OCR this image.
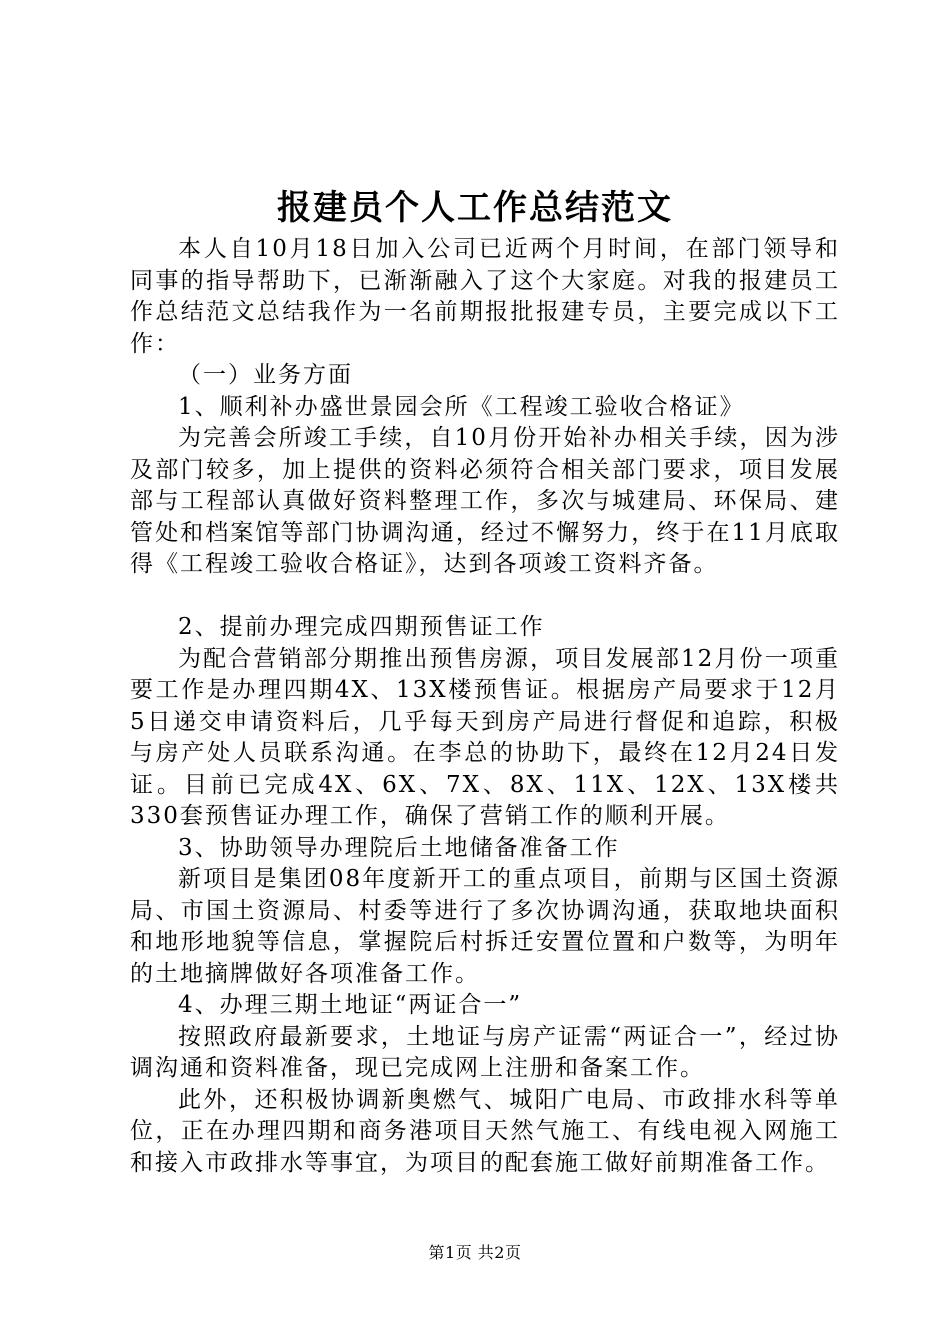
报建员个人工作总结范文

本人自10月18日加入公司已近两个月时间，在部门领导和同事的指导帮助下，已渐渐融入了这个大家庭。对我的报建员工作总结范文总结我作为一名前期报批报建专员，主要完成以下工作：

（一）业务方面

1、顺利补办盛世景园会所《工程竣工验收合格证》

为完善会所竣工手续，自10月份开始补办相关手续，因为涉及部门较多，加上提供的资料必须符合相关部门要求，项目发展部与工程部认真做好资料整理工作，多次与城建局、环保局、建管处和档案馆等部门协调沟通，经过不懈努力，终于在11月底取得《工程竣工验收合格证》，达到各项竣工资料齐备。

2、提前办理完成四期预售证工作

为配合营销部分期推出预售房源，项目发展部12月份一项重要工作是办理四期4X、13X楼预售证。根据房产局要求于12月5日递交申请资料后，几乎每天到房产局进行督促和追踪，积极与房产处人员联系沟通。在李总的协助下，最终在12月24日发证。目前已完成4X、6X、7X、8X、11X、12X、13X楼共330套预售证办理工作，确保了营销工作的顺利开展。

3、协助领导办理院后土地储备准备工作

新项目是集团08年度新开工的重点项目，前期与区国土资源局、市国土资源局、村委等进行了多次协调沟通，获取地块面积和地形地貌等信息，掌握院后村拆迁安置位置和户数等，为明年的土地摘牌做好各项准备工作。

4、办理三期土地证“两证合一”

按照政府最新要求，土地证与房产证需“两证合一”，经过协调沟通和资料准备，现已完成网上注册和备案工作。

此外，还积极协调新奥燃气、城阳广电局、市政排水科等单位，正在办理四期和商务港项目天然气施工、有线电视入网施工和接入市政排水等事宜，为项目的配套施工做好前期准备工作。

第1页 共2页
